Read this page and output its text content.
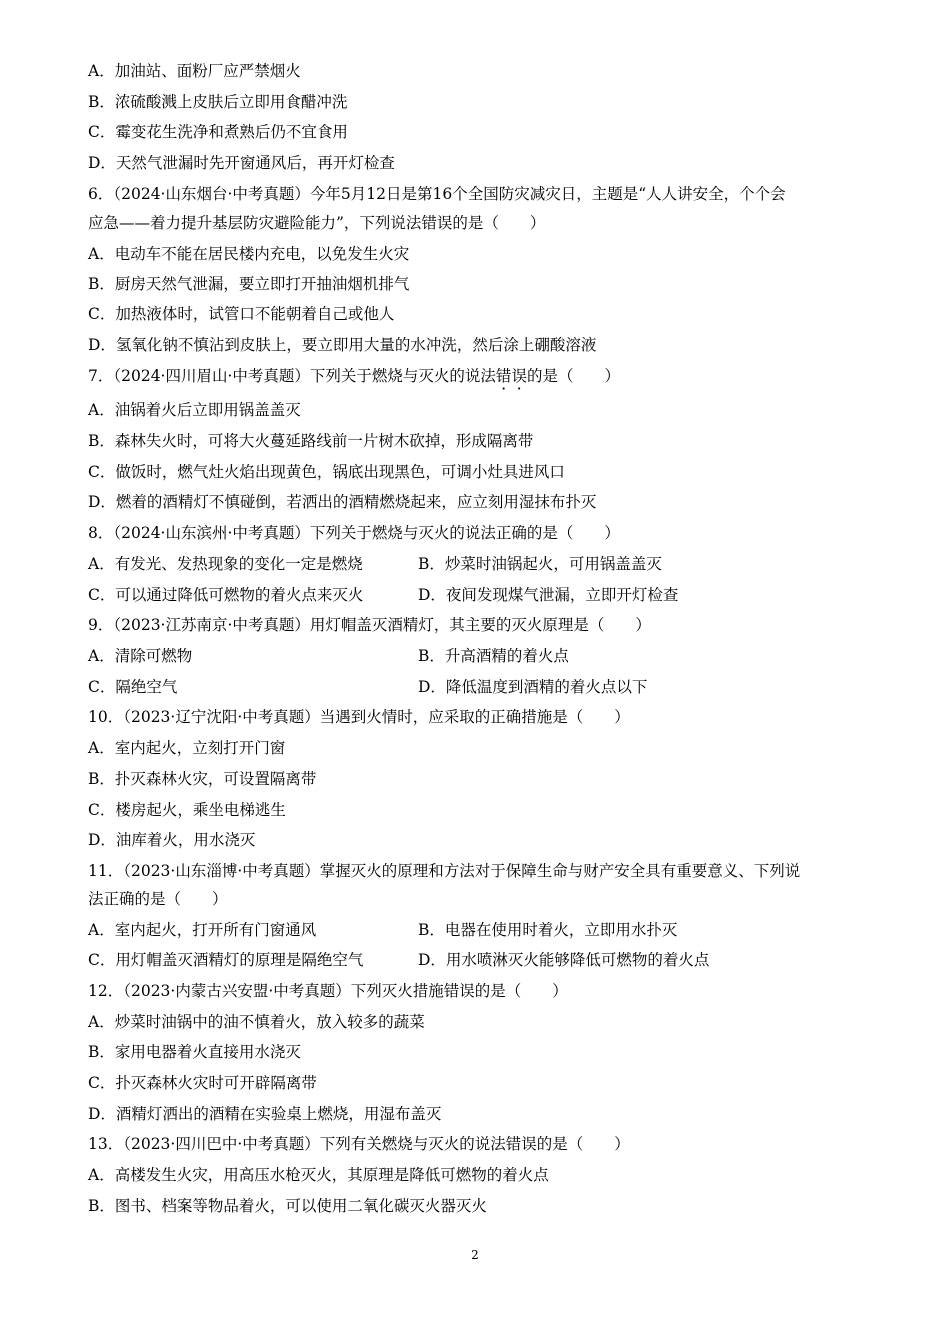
A．加油站、面粉厂应严禁烟火
B．浓硫酸溅上皮肤后立即用食醋冲洗
C．霉变花生洗净和煮熟后仍不宜食用
D．天然气泄漏时先开窗通风后，再开灯检查
6．（2024·山东烟台·中考真题）今年5月12日是第16个全国防灾减灾日，主题是“人人讲安全，个个会
应急——着力提升基层防灾避险能力”，下列说法错误的是（　　）
A．电动车不能在居民楼内充电，以免发生火灾
B．厨房天然气泄漏，要立即打开抽油烟机排气
C．加热液体时，试管口不能朝着自己或他人
D．氢氧化钠不慎沾到皮肤上，要立即用大量的水冲洗，然后涂上硼酸溶液
7．（2024·四川眉山·中考真题）下列关于燃烧与灭火的说法错误的是（　　）
A．油锅着火后立即用锅盖盖灭
B．森林失火时，可将大火蔓延路线前一片树木砍掉，形成隔离带
C．做饭时，燃气灶火焰出现黄色，锅底出现黑色，可调小灶具进风口
D．燃着的酒精灯不慎碰倒，若洒出的酒精燃烧起来，应立刻用湿抹布扑灭
8．（2024·山东滨州·中考真题）下列关于燃烧与灭火的说法正确的是（　　）
A．有发光、发热现象的变化一定是燃烧	B．炒菜时油锅起火，可用锅盖盖灭
C．可以通过降低可燃物的着火点来灭火	D．夜间发现煤气泄漏，立即开灯检查
9．（2023·江苏南京·中考真题）用灯帽盖灭酒精灯，其主要的灭火原理是（　　）
A．清除可燃物	B．升高酒精的着火点
C．隔绝空气	D．降低温度到酒精的着火点以下
10．（2023·辽宁沈阳·中考真题）当遇到火情时，应采取的正确措施是（　　）
A．室内起火，立刻打开门窗
B．扑灭森林火灾，可设置隔离带
C．楼房起火，乘坐电梯逃生
D．油库着火，用水浇灭
11．（2023·山东淄博·中考真题）掌握灭火的原理和方法对于保障生命与财产安全具有重要意义、下列说
法正确的是（　　）
A．室内起火，打开所有门窗通风	B．电器在使用时着火，立即用水扑灭
C．用灯帽盖灭酒精灯的原理是隔绝空气	D．用水喷淋灭火能够降低可燃物的着火点
12．（2023·内蒙古兴安盟·中考真题）下列灭火措施错误的是（　　）
A．炒菜时油锅中的油不慎着火，放入较多的蔬菜
B．家用电器着火直接用水浇灭
C．扑灭森林火灾时可开辟隔离带
D．酒精灯洒出的酒精在实验桌上燃烧，用湿布盖灭
13．（2023·四川巴中·中考真题）下列有关燃烧与灭火的说法错误的是（　　）
A．高楼发生火灾，用高压水枪灭火，其原理是降低可燃物的着火点
B．图书、档案等物品着火，可以使用二氧化碳灭火器灭火
2
